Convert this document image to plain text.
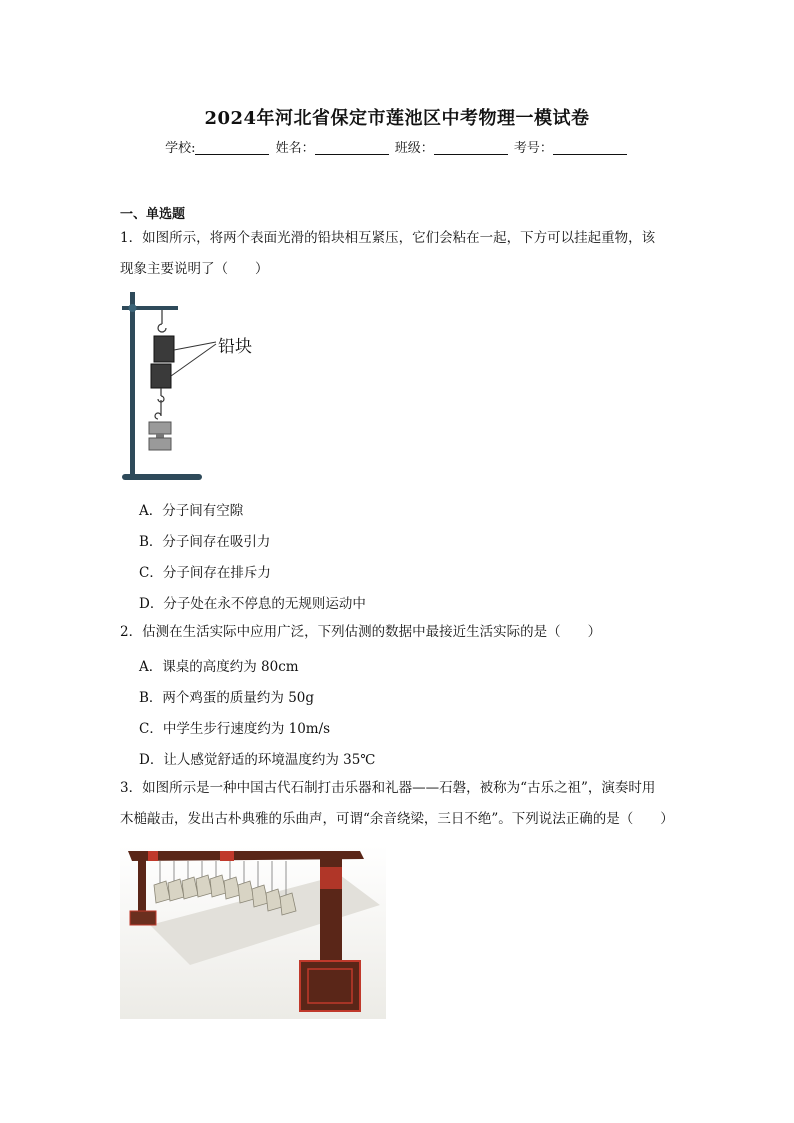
2024年河北省保定市莲池区中考物理一模试卷
学校:	姓名：	班级：	考号：
一、单选题
1．如图所示，将两个表面光滑的铅块相互紧压，它们会粘在一起，下方可以挂起重物，该
现象主要说明了（　　）
铅块
A．分子间有空隙
B．分子间存在吸引力
C．分子间存在排斥力
D．分子处在永不停息的无规则运动中
2．估测在生活实际中应用广泛，下列估测的数据中最接近生活实际的是（　　）
A．课桌的高度约为 80cm
B．两个鸡蛋的质量约为 50g
C．中学生步行速度约为 10m/s
D．让人感觉舒适的环境温度约为 35℃
3．如图所示是一种中国古代石制打击乐器和礼器——石磐，被称为“古乐之祖”，演奏时用
木槌敲击，发出古朴典雅的乐曲声，可谓“余音绕梁，三日不绝”。下列说法正确的是（　　）
